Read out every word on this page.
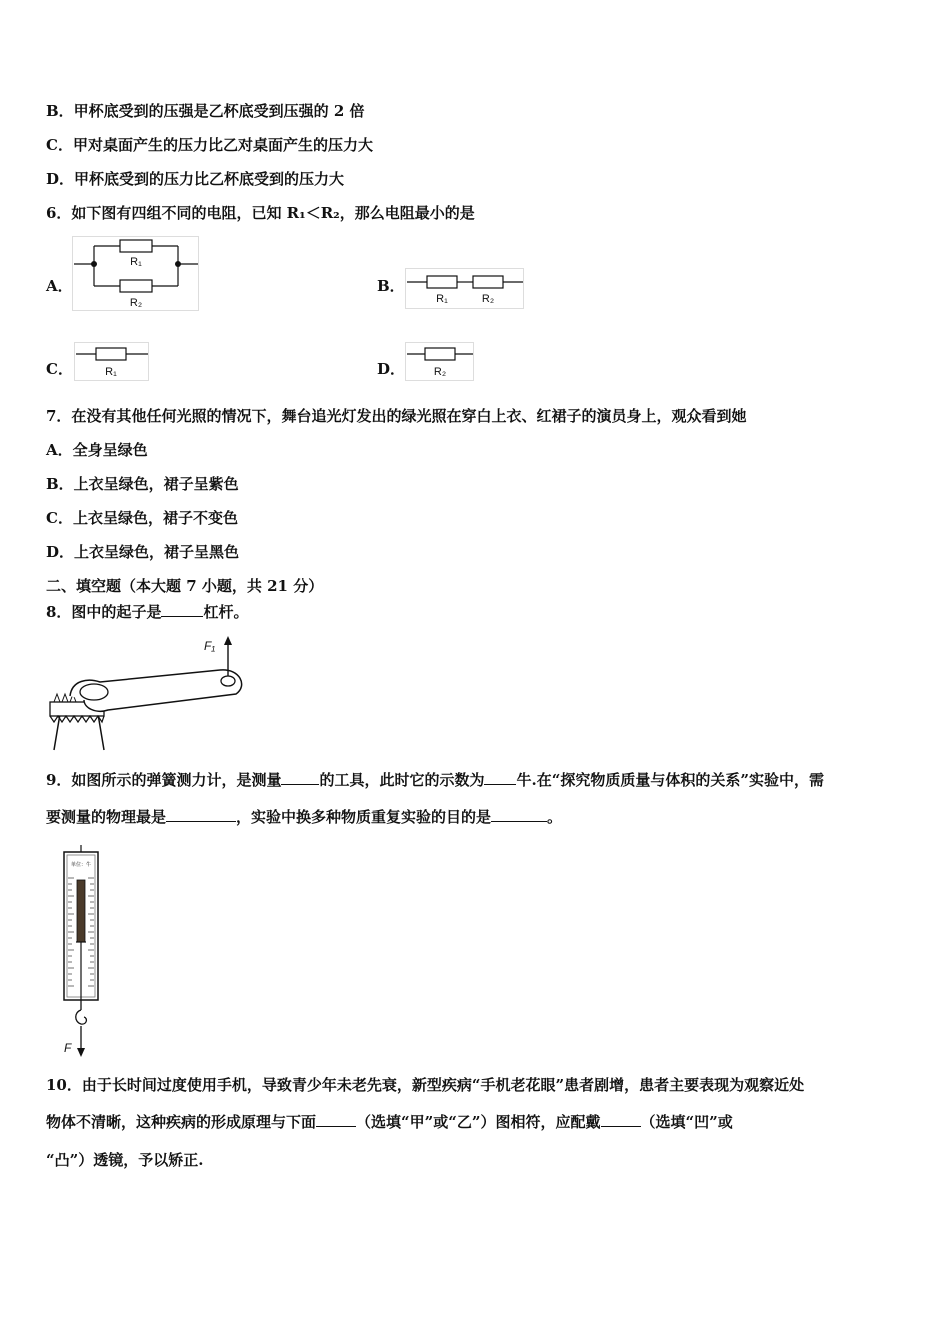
B．甲杯底受到的压强是乙杯底受到压强的 2 倍
C．甲对桌面产生的压力比乙对桌面产生的压力大
D．甲杯底受到的压力比乙杯底受到的压力大
6．如下图有四组不同的电阻，已知 R₁＜R₂，那么电阻最小的是
A．
R₁
R₂
B．
R₁	R₂
C．	R₁	D．	R₂
7．在没有其他任何光照的情况下，舞台追光灯发出的绿光照在穿白上衣、红裙子的演员身上，观众看到她
A．全身呈绿色
B．上衣呈绿色，裙子呈紫色
C．上衣呈绿色，裙子不变色
D．上衣呈绿色，裙子呈黑色
二、填空题（本大题 7 小题，共 21 分）
8．图中的起子是	杠杆。
F₁
9．如图所示的弹簧测力计，是测量	的工具，此时它的示数为 牛.在“探究物质质量与体积的关系”实验中，需
要测量的物理最是	，实验中换多种物质重复实验的目的是	。
单位：牛
F
10．由于长时间过度使用手机，导致青少年未老先衰，新型疾病“手机老花眼”患者剧增，患者主要表现为观察近处
物体不清晰，这种疾病的形成原理与下面	（选填“甲”或“乙”）图相符，应配戴	（选填“凹”或
“凸”）透镜，予以矫正.
